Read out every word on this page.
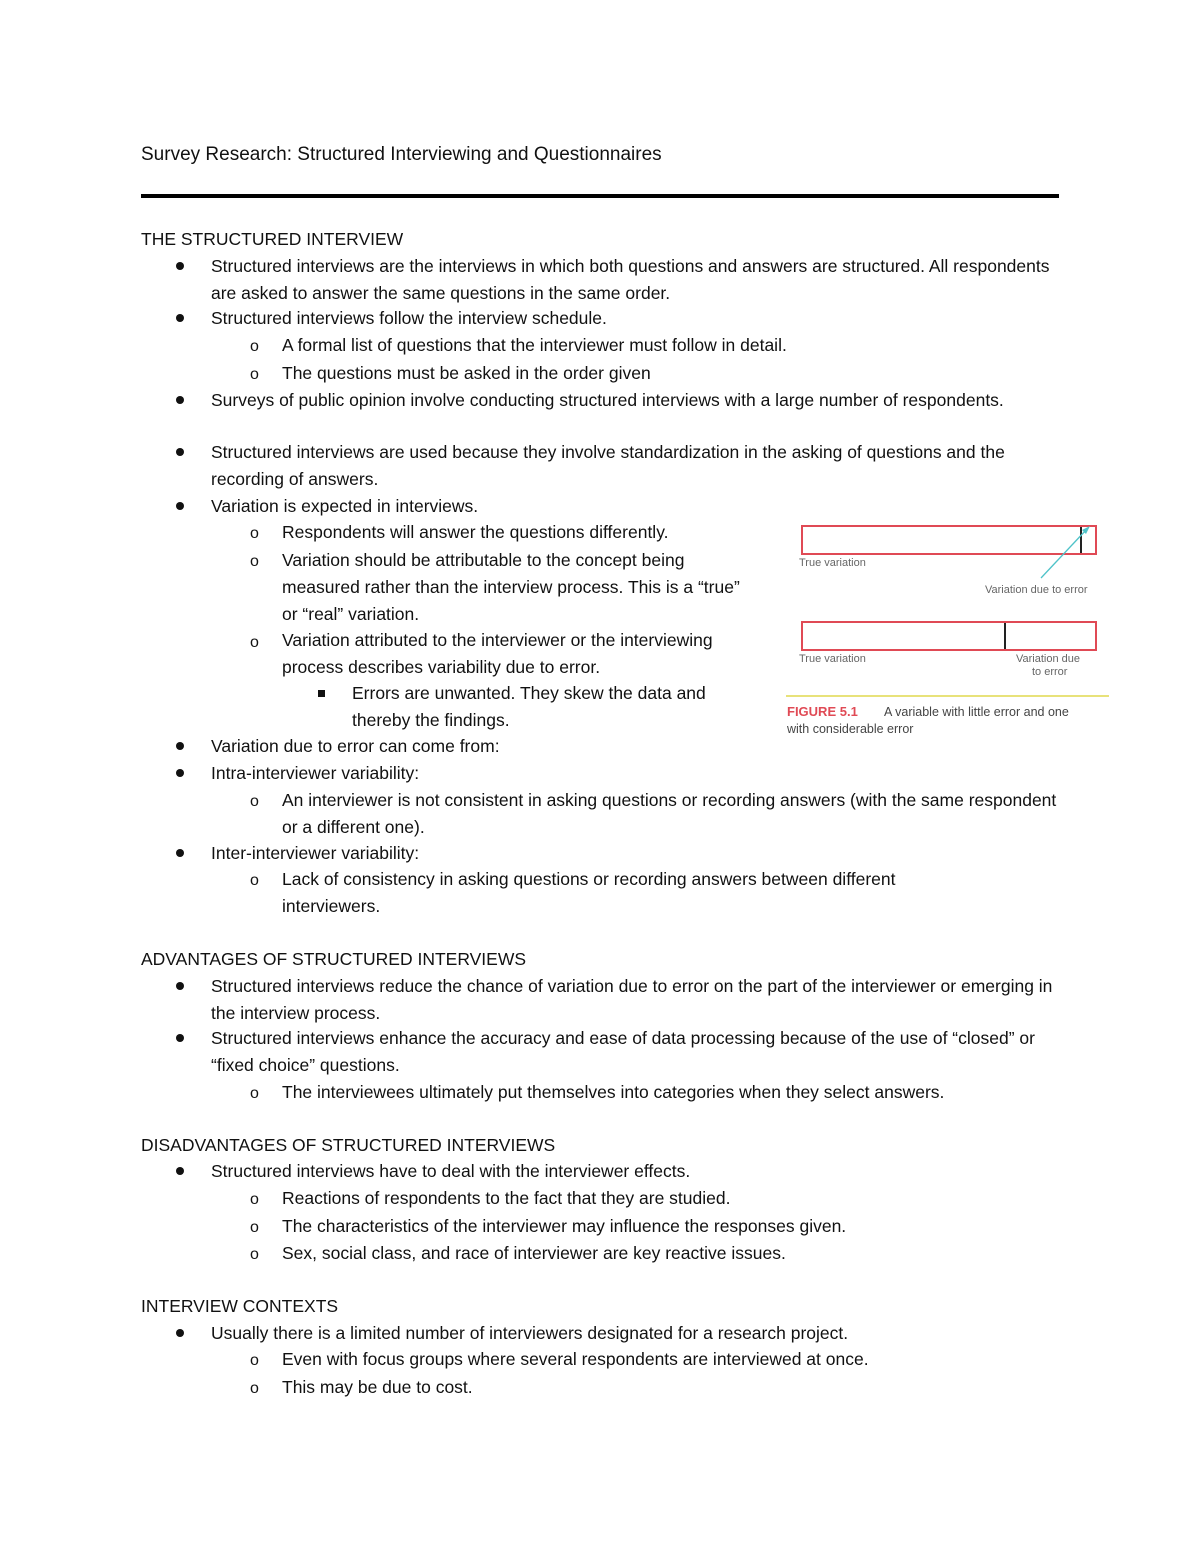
Survey Research: Structured Interviewing and Questionnaires
THE STRUCTURED INTERVIEW
Structured interviews are the interviews in which both questions and answers are structured. All respondents are asked to answer the same questions in the same order.
Structured interviews follow the interview schedule.
o A formal list of questions that the interviewer must follow in detail.
o The questions must be asked in the order given
Surveys of public opinion involve conducting structured interviews with a large number of respondents.
Structured interviews are used because they involve standardization in the asking of questions and the recording of answers.
Variation is expected in interviews.
o Respondents will answer the questions differently.
o Variation should be attributable to the concept being measured rather than the interview process. This is a “true” or “real” variation.
o Variation attributed to the interviewer or the interviewing process describes variability due to error.
Errors are unwanted. They skew the data and thereby the findings.
Variation due to error can come from:
Intra-interviewer variability:
o An interviewer is not consistent in asking questions or recording answers (with the same respondent or a different one).
Inter-interviewer variability:
o Lack of consistency in asking questions or recording answers between different interviewers.
True variation
Variation due to error
True variation	Variation due
to error
FIGURE 5.1 A variable with little error and one
with considerable error
ADVANTAGES OF STRUCTURED INTERVIEWS
Structured interviews reduce the chance of variation due to error on the part of the interviewer or emerging in the interview process.
Structured interviews enhance the accuracy and ease of data processing because of the use of “closed” or “fixed choice” questions.
o The interviewees ultimately put themselves into categories when they select answers.
DISADVANTAGES OF STRUCTURED INTERVIEWS
Structured interviews have to deal with the interviewer effects.
o Reactions of respondents to the fact that they are studied.
o The characteristics of the interviewer may influence the responses given.
o Sex, social class, and race of interviewer are key reactive issues.
INTERVIEW CONTEXTS
Usually there is a limited number of interviewers designated for a research project.
o Even with focus groups where several respondents are interviewed at once.
o This may be due to cost.
